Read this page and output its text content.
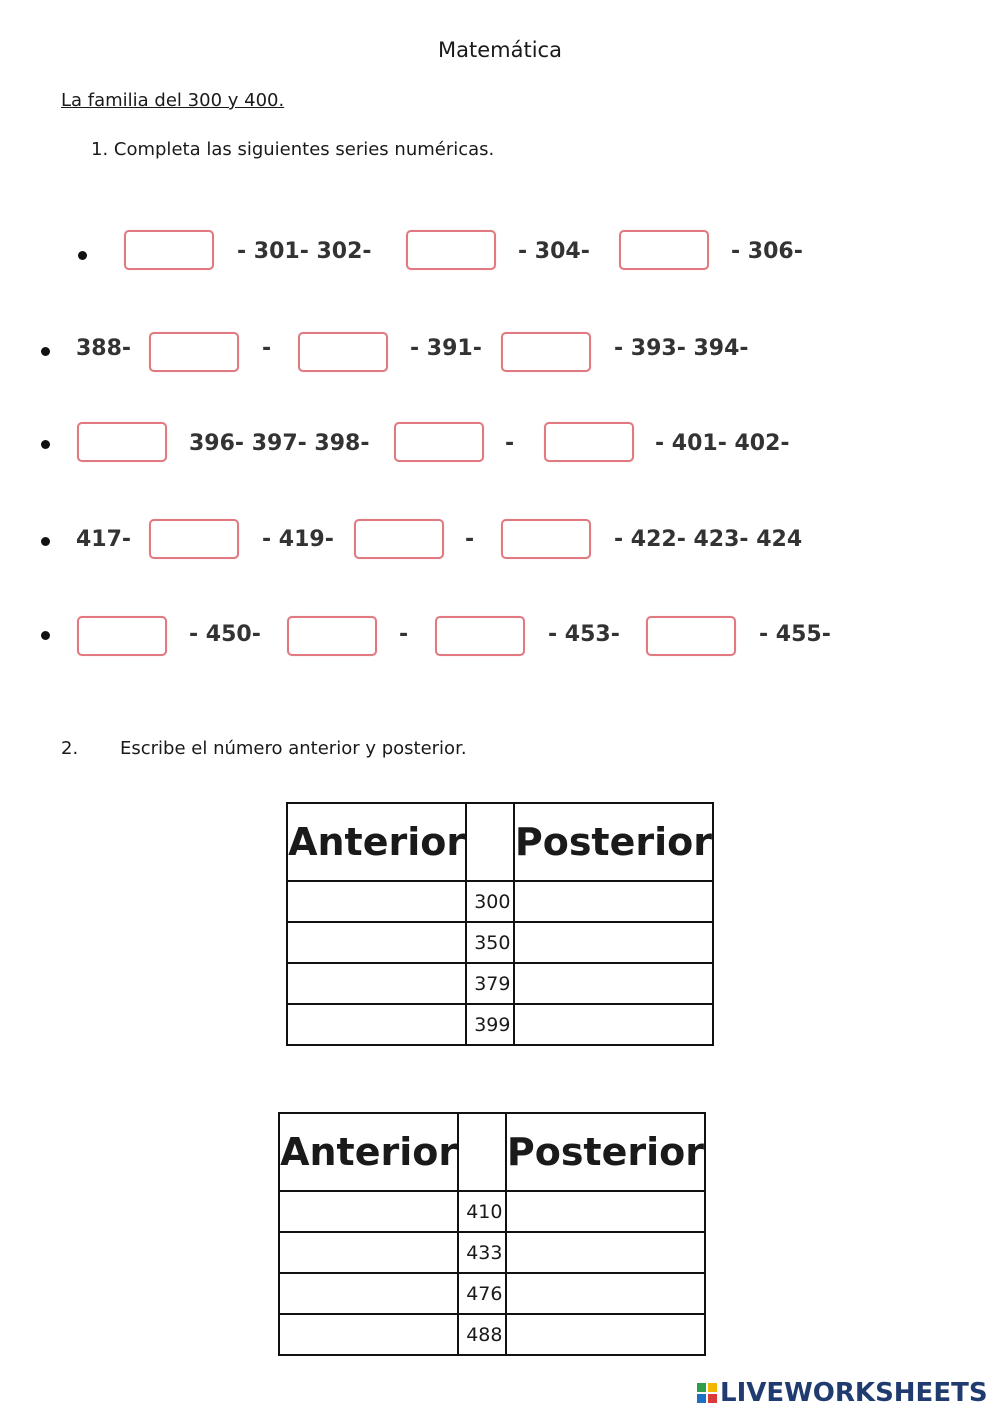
Matemática
La familia del 300 y 400.
1. Completa las siguientes series numéricas.
- 301- 302-	- 304-	- 306-
388-	-	- 391-	- 393- 394-
396- 397- 398-	-	- 401- 402-
417-	- 419-	-	- 422- 423- 424
- 450-	-	- 453-	- 455-
2. Escribe el número anterior y posterior.
Anterior		Posterior
	300	
	350	
	379	
	399	
Anterior		Posterior
	410	
	433	
	476	
	488	
LIVEWORKSHEETS
